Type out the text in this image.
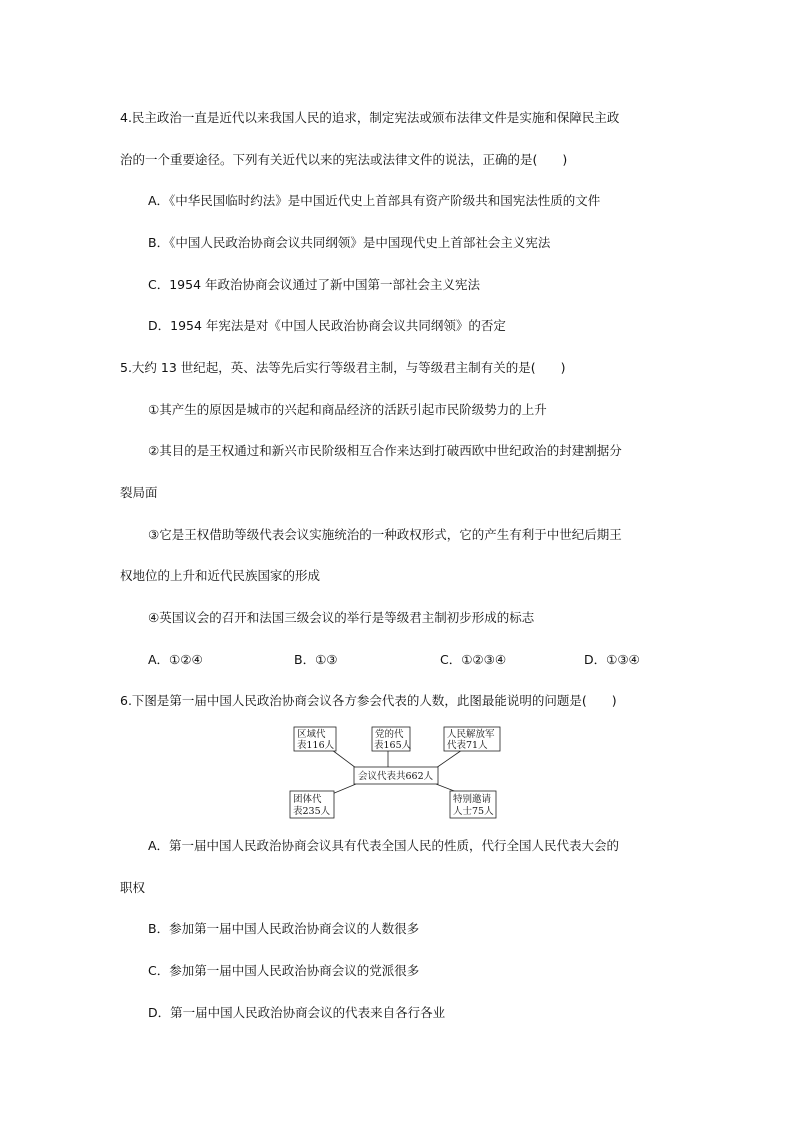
4.民主政治一直是近代以来我国人民的追求，制定宪法或颁布法律文件是实施和保障民主政
治的一个重要途径。下列有关近代以来的宪法或法律文件的说法，正确的是(　　)
A．《中华民国临时约法》是中国近代史上首部具有资产阶级共和国宪法性质的文件
B．《中国人民政治协商会议共同纲领》是中国现代史上首部社会主义宪法
C．1954 年政治协商会议通过了新中国第一部社会主义宪法
D．1954 年宪法是对《中国人民政治协商会议共同纲领》的否定
5.大约 13 世纪起，英、法等先后实行等级君主制，与等级君主制有关的是(　　)
①其产生的原因是城市的兴起和商品经济的活跃引起市民阶级势力的上升
②其目的是王权通过和新兴市民阶级相互合作来达到打破西欧中世纪政治的封建割据分
裂局面
③它是王权借助等级代表会议实施统治的一种政权形式，它的产生有利于中世纪后期王
权地位的上升和近代民族国家的形成
④英国议会的召开和法国三级会议的举行是等级君主制初步形成的标志
A．①②④	B．①③	C．①②③④	D．①③④
6.下图是第一届中国人民政治协商会议各方参会代表的人数，此图最能说明的问题是(　　)
区域代
表116人
党的代
表165人
人民解放军
代表71人
会议代表共662人
团体代
表235人
特别邀请
人士75人
A．第一届中国人民政治协商会议具有代表全国人民的性质，代行全国人民代表大会的
职权
B．参加第一届中国人民政治协商会议的人数很多
C．参加第一届中国人民政治协商会议的党派很多
D．第一届中国人民政治协商会议的代表来自各行各业
